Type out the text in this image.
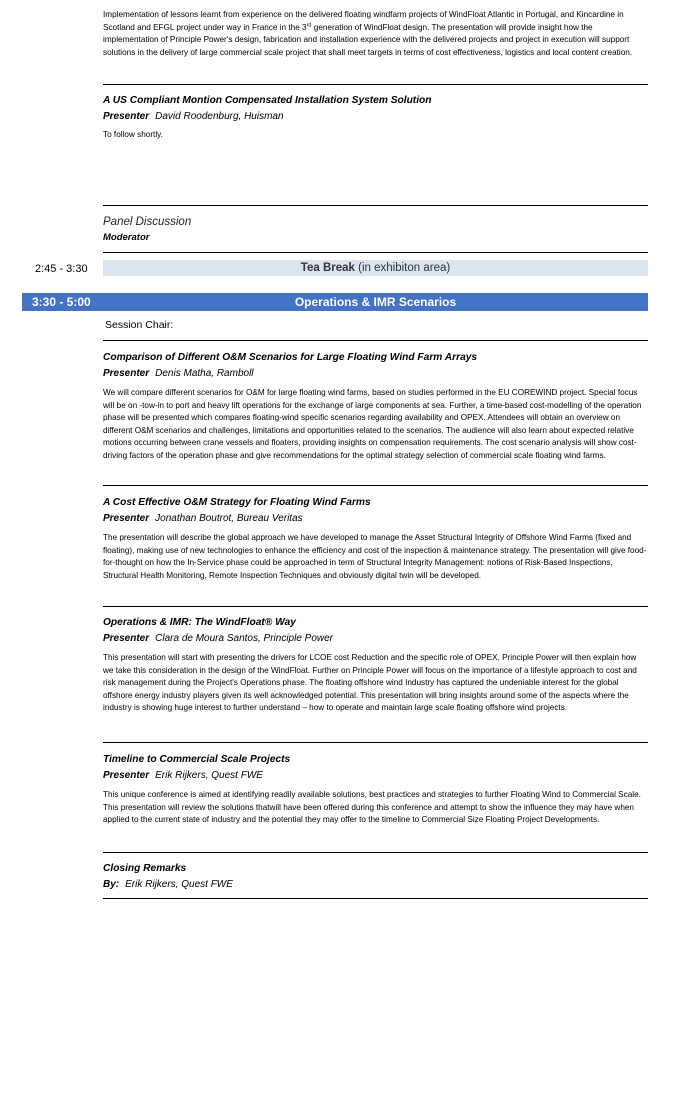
Implementation of lessons learnt from experience on the delivered floating windfarm projects of WindFloat Atlantic in Portugal, and Kincardine in Scotland and EFGL project under way in France in the 3rd generation of WindFloat design. The presentation will provide insight how the implementation of Principle Power's design, fabrication and installation experience with the delivered projects and project in execution will support solutions in the delivery of large commercial scale project that shall meet targets in terms of cost effectiveness, logistics and local content creation.

A US Compliant Montion Compensated Installation System Solution
Presenter David Roodenburg, Huisman

To follow shortly.

Panel Discussion
Moderator
2:45 - 3:30	Tea Break
(in exhibiton area)
3:30 - 5:00	Operations & IMR Scenarios
Session Chair:
Comparison of Different O&M Scenarios for Large Floating Wind Farm Arrays
Presenter Denis Matha, Ramboll

We will compare different scenarios for O&M for large floating wind farms, based on studies performed in the EU COREWIND project. Special focus will be on -tow-in to port and heavy lift operations for the exchange of large components at sea. Further, a time-based cost-modelling of the operation phase will be presented which compares floating-wind specific scenarios regarding availability and OPEX. Attendees will obtain an overview on different O&M scenarios and challenges, limitations and opportunities related to the scenarios. The audience will also learn about expected relative motions occurring between crane vessels and floaters, providing insights on compensation requirements. The cost scenario analysis will show cost-driving factors of the operation phase and give recommendations for the optimal strategy selection of commercial scale floating wind farms.

A Cost Effective O&M Strategy for Floating Wind Farms
Presenter Jonathan Boutrot, Bureau Veritas

The presentation will describe the global approach we have developed to manage the Asset Structural Integrity of Offshore Wind Farms (fixed and floating), making use of new technologies to enhance the efficiency and cost of the inspection & maintenance strategy. The presentation will give food-for-thought on how the In-Service phase could be approached in term of Structural Integrity Management: notions of Risk-Based Inspections, Structural Health Monitoring, Remote Inspection Techniques and obviously digital twin will be developed.

Operations & IMR: The WindFloat® Way
Presenter Clara de Moura Santos, Principle Power

This presentation will start with presenting the drivers for LCOE cost Reduction and the specific role of OPEX. Principle Power will then explain how we take this consideration in the design of the WindFloat. Further on Principle Power will focus on the importance of a lifestyle approach to cost and risk management during the Project's Operations phase. The floating offshore wind Industry has captured the undeniable interest for the global offshore energy industry players given its well acknowledged potential. This presentation will bring insights around some of the aspects where the industry is showing huge interest to further understand – how to operate and maintain large scale floating offshore wind projects.

Timeline to Commercial Scale Projects
Presenter Erik Rijkers, Quest FWE

This unique conference is aimed at identifying readily available solutions, best practices and strategies to further Floating Wind to Commercial Scale. This presentation will review the solutions thatwill have been offered during this conference and attempt to show the influence they may have when applied to the current state of industry and the potential they may offer to the timeline to Commercial Size Floating Project Developments.

Closing Remarks
By: Erik Rijkers, Quest FWE
